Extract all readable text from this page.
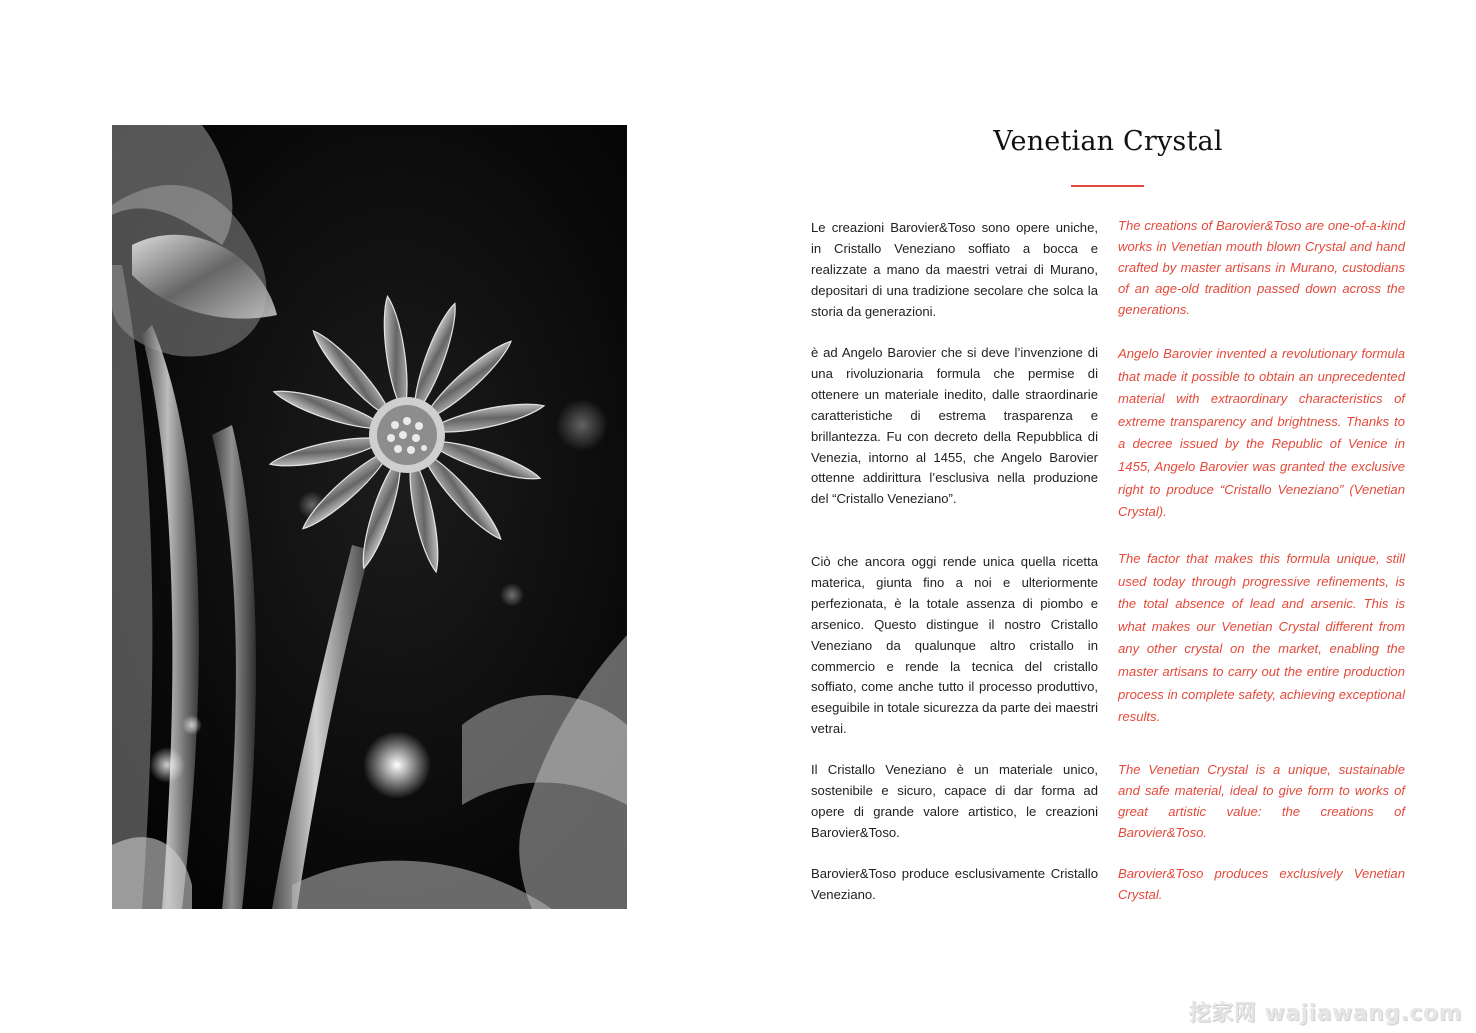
Venetian Crystal

Le creazioni Barovier&Toso sono opere uniche, in Cristallo Veneziano soffiato a bocca e realizzate a mano da maestri vetrai di Murano, depositari di una tradizione secolare che solca la storia da generazioni.

è ad Angelo Barovier che si deve l’invenzione di una rivoluzionaria formula che permise di ottenere un materiale inedito, dalle straordinarie caratteristiche di estrema trasparenza e brillantezza. Fu con decreto della Repubblica di Venezia, intorno al 1455, che Angelo Barovier ottenne addirittura l’esclusiva nella produzione del “Cristallo Veneziano”.

Ciò che ancora oggi rende unica quella ricetta materica, giunta fino a noi e ulteriormente perfezionata, è la totale assenza di piombo e arsenico. Questo distingue il nostro Cristallo Veneziano da qualunque altro cristallo in commercio e rende la tecnica del cristallo soffiato, come anche tutto il processo produttivo, eseguibile in totale sicurezza da parte dei maestri vetrai.

Il Cristallo Veneziano è un materiale unico, sostenibile e sicuro, capace di dar forma ad opere di grande valore artistico, le creazioni Barovier&Toso.

Barovier&Toso produce esclusivamente Cristallo Veneziano.

The creations of Barovier&Toso are one-of-a-kind works in Venetian mouth blown Crystal and hand crafted by master artisans in Murano, custodians of an age-old tradition passed down across the generations.

Angelo Barovier invented a revolutionary formula that made it possible to obtain an unprecedented material with extraordinary characteristics of extreme transparency and brightness. Thanks to a decree issued by the Republic of Venice in 1455, Angelo Barovier was granted the exclusive right to produce “Cristallo Veneziano” (Venetian Crystal).

The factor that makes this formula unique, still used today through progressive refinements, is the total absence of lead and arsenic. This is what makes our Venetian Crystal different from any other crystal on the market, enabling the master artisans to carry out the entire production process in complete safety, achieving exceptional results.

The Venetian Crystal is a unique, sustainable and safe material, ideal to give form to works of great artistic value: the creations of Barovier&Toso.

Barovier&Toso produces exclusively Venetian Crystal.

挖家网 wajiawang.com
